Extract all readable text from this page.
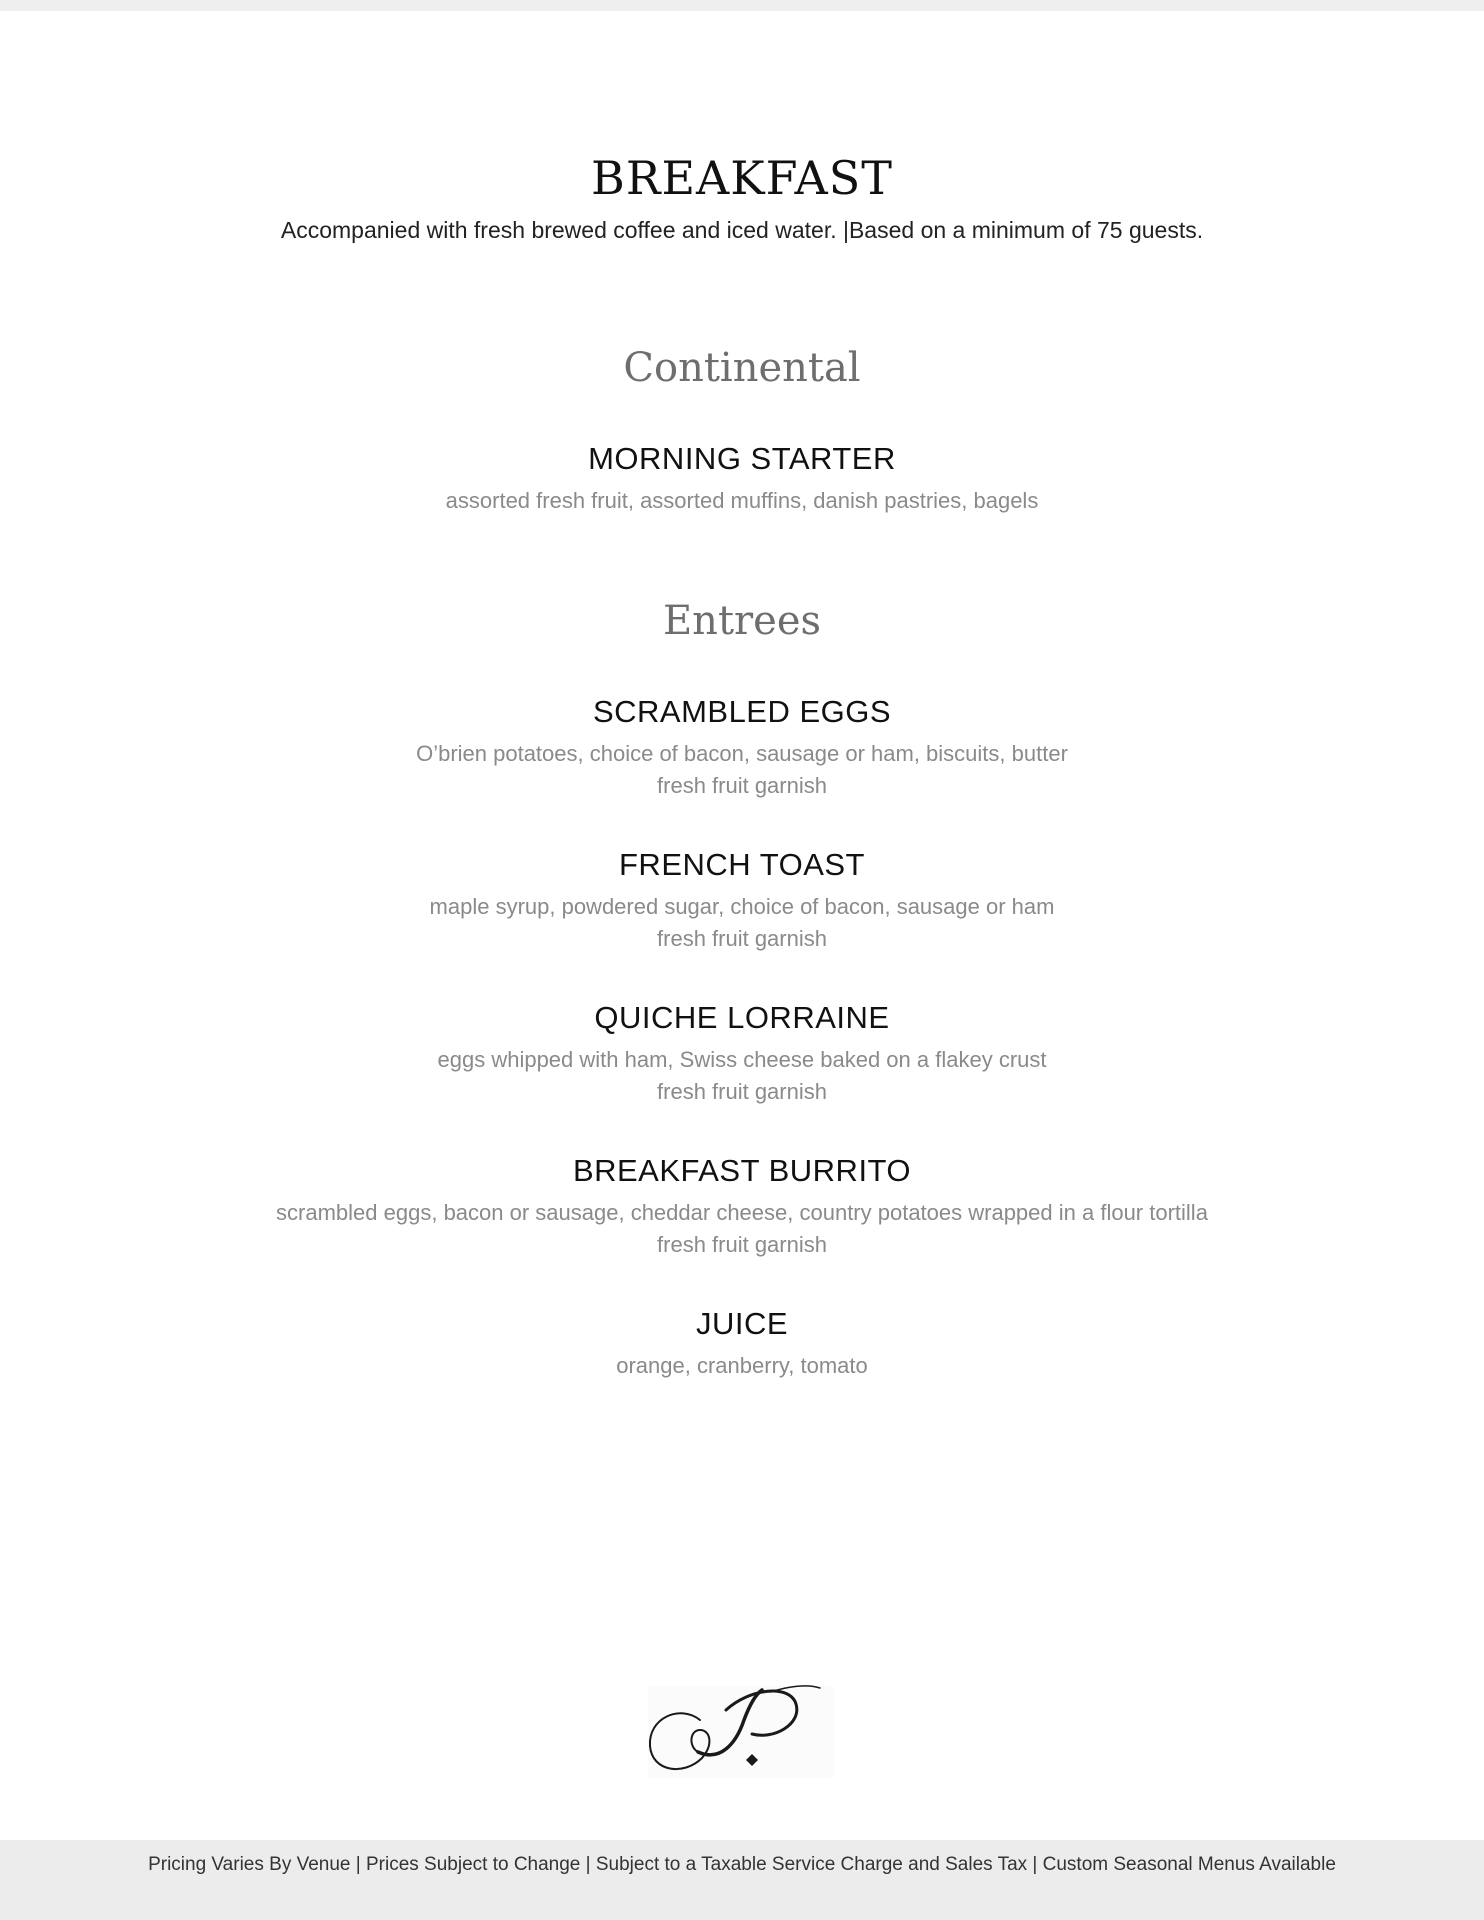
BREAKFAST
Accompanied with fresh brewed coffee and iced water. |Based on a minimum of 75 guests.
Continental
MORNING STARTER
assorted fresh fruit, assorted muffins, danish pastries, bagels
Entrees
SCRAMBLED EGGS
O’brien potatoes, choice of bacon, sausage or ham, biscuits, butter
fresh fruit garnish
FRENCH TOAST
maple syrup, powdered sugar, choice of bacon, sausage or ham
fresh fruit garnish
QUICHE LORRAINE
eggs whipped with ham, Swiss cheese baked on a flakey crust
fresh fruit garnish
BREAKFAST BURRITO
scrambled eggs, bacon or sausage, cheddar cheese, country potatoes wrapped in a flour tortilla
fresh fruit garnish
JUICE
orange, cranberry, tomato
Pricing Varies By Venue | Prices Subject to Change | Subject to a Taxable Service Charge and Sales Tax | Custom Seasonal Menus Available
